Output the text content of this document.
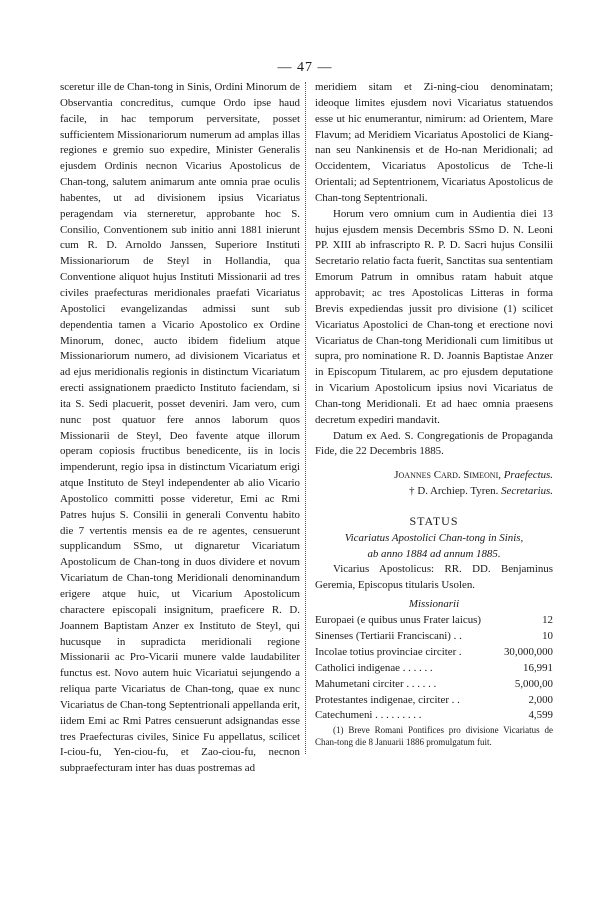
— 47 —

sceretur ille de Chan-tong in Sinis, Ordini Minorum de Observantia concreditus, cumque Ordo ipse haud facile, in hac temporum perversitate, posset sufficientem Missionariorum numerum ad amplas illas regiones e gremio suo expedire, Minister Generalis ejusdem Ordinis necnon Vicarius Apostolicus de Chan-tong, salutem animarum ante omnia prae oculis habentes, ut ad divisionem ipsius Vicariatus peragendam via sterneretur, approbante hoc S. Consilio, Conventionem sub initio anni 1881 inierunt cum R. D. Arnoldo Janssen, Superiore Instituti Missionariorum de Steyl in Hollandia, qua Conventione aliquot hujus Instituti Missionarii ad tres civiles praefecturas meridionales praefati Vicariatus Apostolici evangelizandas admissi sunt sub dependentia tamen a Vicario Apostolico ex Ordine Minorum, donec, aucto ibidem fidelium atque Missionariorum numero, ad divisionem Vicariatus et ad ejus meridionalis regionis in distinctum Vicariatum erecti assignationem praedicto Instituto faciendam, si ita S. Sedi placuerit, posset deveniri. Jam vero, cum nunc post quatuor fere annos laborum quos Missionarii de Steyl, Deo favente atque illorum operam copiosis fructibus benedicente, iis in locis impenderunt, regio ipsa in distinctum Vicariatum erigi atque Instituto de Steyl independenter ab alio Vicario Apostolico committi posse videretur, Emi ac Rmi Patres hujus S. Consilii in generali Conventu habito die 7 vertentis mensis ea de re agentes, censuerunt supplicandum SSmo, ut dignaretur Vicariatum Apostolicum de Chan-tong in duos dividere et novum Vicariatum de Chan-tong Meridionali denominandum erigere atque huic, ut Vicarium Apostolicum charactere episcopali insignitum, praeficere R. D. Joannem Baptistam Anzer ex Instituto de Steyl, qui hucusque in supradicta meridionali regione Missionarii ac Pro-Vicarii munere valde laudabiliter functus est. Novo autem huic Vicariatui sejungendo a reliqua parte Vicariatus de Chan-tong, quae ex nunc Vicariatus de Chan-tong Septentrionali appellanda erit, iidem Emi ac Rmi Patres censuerunt adsignandas esse tres Praefecturas civiles, Sinice Fu appellatus, scilicet I-ciou-fu, Yen-ciou-fu, et Zao-ciou-fu, necnon subpraefecturam inter has duas postremas ad

meridiem sitam et Zi-ning-ciou denominatam; ideoque limites ejusdem novi Vicariatus statuendos esse ut hic enumerantur, nimirum: ad Orientem, Mare Flavum; ad Meridiem Vicariatus Apostolici de Kiang-nan seu Nankinensis et de Ho-nan Meridionali; ad Occidentem, Vicariatus Apostolicus de Tche-li Orientali; ad Septentrionem, Vicariatus Apostolicus de Chan-tong Septentrionali.

Horum vero omnium cum in Audientia diei 13 hujus ejusdem mensis Decembris SSmo D. N. Leoni PP. XIII ab infrascripto R. P. D. Sacri hujus Consilii Secretario relatio facta fuerit, Sanctitas sua sententiam Emorum Patrum in omnibus ratam habuit atque approbavit; ac tres Apostolicas Litteras in forma Brevis expediendas jussit pro divisione (1) scilicet Vicariatus Apostolici de Chan-tong et erectione novi Vicariatus de Chan-tong Meridionali cum limitibus ut supra, pro nominatione R. D. Joannis Baptistae Anzer in Episcopum Titularem, ac pro ejusdem deputatione in Vicarium Apostolicum ipsius novi Vicariatus de Chan-tong Meridionali. Et ad haec omnia praesens decretum expediri mandavit.

Datum ex Aed. S. Congregationis de Propaganda Fide, die 22 Decembris 1885.

Joannes Card. Simeoni, Praefectus.

† D. Archiep. Tyren. Secretarius.

STATUS

Vicariatus Apostolici Chan-tong in Sinis,

ab anno 1884 ad annum 1885.

Vicarius Apostolicus: RR. DD. Benjaminus Geremia, Episcopus titularis Usolen.

Missionarii
Europaei (e quibus unus Frater laicus)	12
Sinenses (Tertiarii Franciscani) . .	10
Incolae totius provinciae circiter .	30,000,000
Catholici indigenae . . . . . .	16,991
Mahumetani circiter . . . . . .	5,000,00
Protestantes indigenae, circiter . .	2,000
Catechumeni . . . . . . . . .	4,599

(1) Breve Romani Pontifices pro divisione Vicariatus de Chan-tong die 8 Januarii 1886 promulgatum fuit.
